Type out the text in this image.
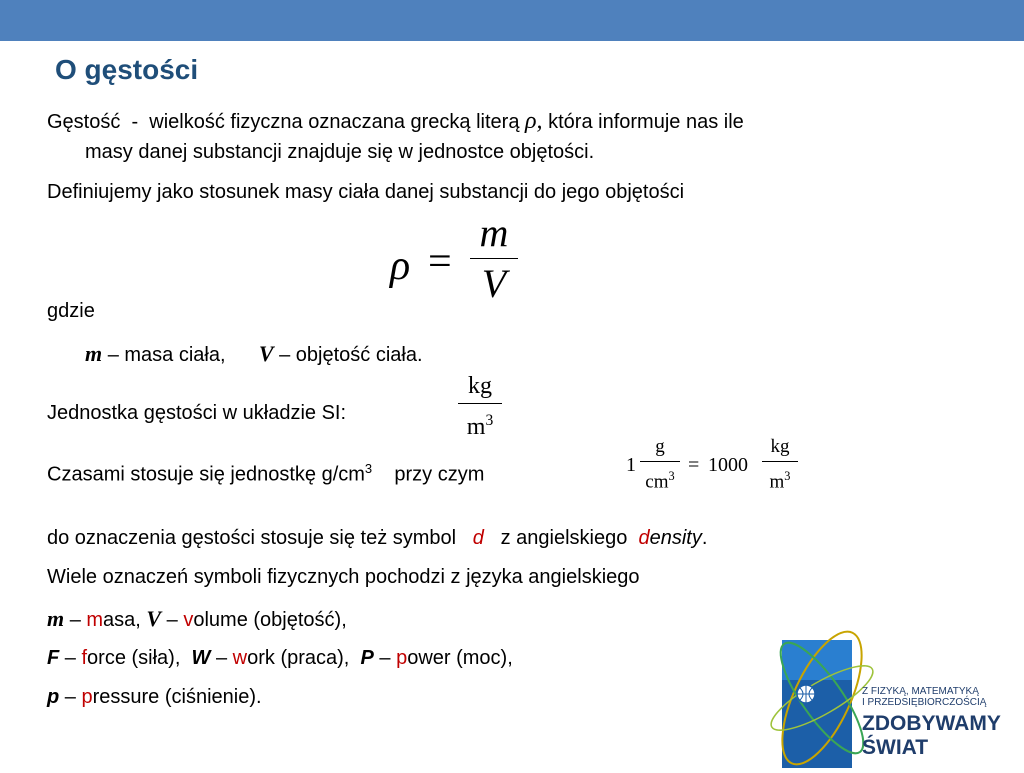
O gęstości
Gęstość - wielkość fizyczna oznaczana grecką literą ρ, która informuje nas ile
masy danej substancji znajduje się w jednostce objętości.
Definiujemy jako stosunek masy ciała danej substancji do jego objętości
ρ =
m
V
gdzie
m – masa ciała, V – objętość ciała.
Jednostka gęstości w układzie SI:
kg
$m^3$
Czasami stosuje się jednostkę $g/cm^3$ przy czym	1
g
$cm^3 = 1000$
kg
$m^3$
do oznaczenia gęstości stosuje się też symbol d z angielskiego density.
Wiele oznaczeń symboli fizycznych pochodzi z języka angielskiego
m – masa, V – volume (objętość),
F – force (siła), W – work (praca), P – power (moc),
p – pressure (ciśnienie).	Z FIZYKĄ, MATEMATYKĄ
I PRZEDSIĘBIORCZOŚCIĄ
ZDOBYWAMY
ŚWIAT
